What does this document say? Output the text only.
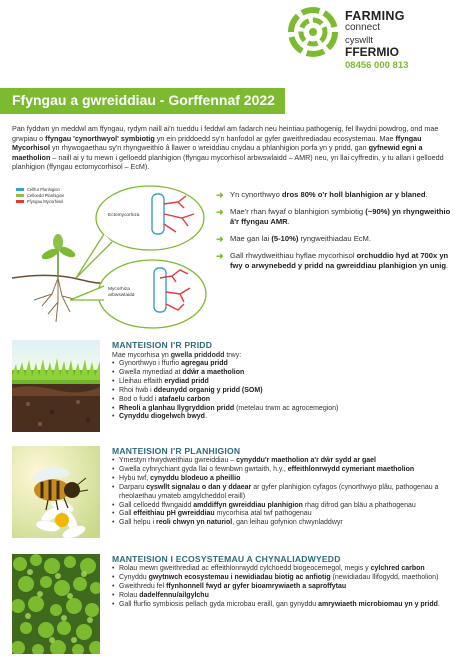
FARMING
connect
cyswllt
FFERMIO
08456 000 813
Ffyngau a gwreiddiau - Gorffennaf 2022

Pan fyddwn yn meddwl am ffyngau, rydym naill ai'n tueddu i feddwl am fadarch neu heintiau pathogenig, fel llwydni powdrog, ond mae grwpiau o ffyngau 'cynorthwyol' symbiotig yn ein priddoedd sy'n hanfodol ar gyfer gweithrediadau ecosystemau. Mae ffyngau Mycorhisol yn rhywogaethau sy'n rhyngweithio â llawer o wreiddiau cnydau a phlanhigion porfa yn y pridd, gan gyfnewid egni a maetholion – naill ai y tu mewn i gelloedd planhigion (ffyngau mycorhisol arbwswlaidd – AMR) neu, yn llai cyffredin, y tu allan i gelloedd planhigion (ffyngau ectomycorhisol – EcM).

Cellfur Planhigion
Celloedd Planhigion
Ffyngau Mycorhisol
Ectomycorhiza
Mycorhiza
arbwswlaidd
➜ Yn cynorthwyo dros 80% o'r holl blanhigion ar y blaned.
➜ Mae'r rhan fwyaf o blanhigion symbiotig (~90%) yn rhyngweithio â'r ffyngau AMR.
➜ Mae gan lai (5-10%) ryngweithiadau EcM.
➜ Gall rhwydweithiau hyflae mycorhisol orchuddio hyd at 700x yn fwy o arwynebedd y pridd na gwreiddiau planhigion yn unig.
MANTEISION I'R PRIDD
Mae mycorhisa yn gwella priddodd trwy:
• Gynorthwyo i ffurfio agregau pridd
• Gwella mynediad at ddŵr a maetholion
• Lleihau effaith erydiad pridd
• Rhoi hwb i ddeunydd organig y pridd (SOM)
• Bod o fudd i atafaelu carbon
• Rheoli a glanhau llygryddion pridd (metelau trwm ac agrocemegion)
• Cynyddu diogelwch bwyd.
MANTEISION I'R PLANHIGION
• Ymestyn rhwydweithiau gwreiddiau – cynyddu'r maetholion a'r dŵr sydd ar gael
• Gwella cyfnrychiant gyda llai o fewnbwn gwrtaith, h.y., effeithlonrwydd cymeriant maetholion
• Hybu twf, cynyddu blodeuo a pheillio
• Darparu cyswllt signalau o dan y ddaear ar gyfer planhigion cyfagos (cynorthwyo plâu, pathogenau a rheolaethau ymateb amgylcheddol eraill)
• Gall celloedd ffwngaidd amddiffyn gwreiddiau planhigion rhag difrod gan bläu a phathogenau
• Gall effeithiau pH gwreiddiau mycorhisa atal twf pathogenau
• Gall helpu i reoli chwyn yn naturiol, gan leihau gofynion chwynladdwyr
MANTEISION I ECOSYSTEMAU A CHYNALIADWYEDD
• Rolau mewn gweithrediad ac effeithlonrwydd cylchoedd biogeocemegol, megis y cylchred carbon
• Cynyddu gwytnwch ecosystemau i newidiadau biotig ac anfiotig (newidiadau llifogydd, maetholion)
• Gweithredu fel ffynhonnell fwyd ar gyfer bioamrywiaeth a saproffytau
• Rolau dadelfennu/ailgylchu
• Gall ffurfio symbiosis pellach gyda microbau eraill, gan gynyddu amrywiaeth microbiomau yn y pridd.
